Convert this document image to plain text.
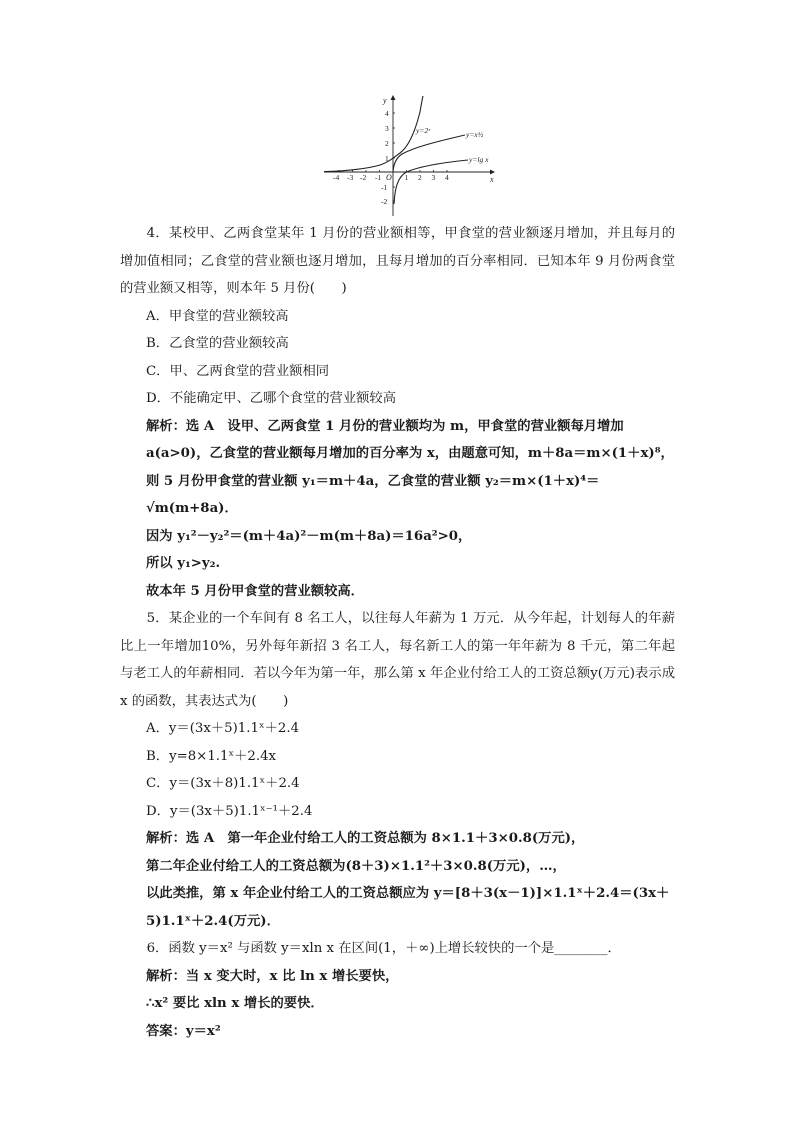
y
x
O
y=2ˣ	y=x½
y=lg x
-4 -3 -2 -1	1 2 3 4
4
3
2
1
-1
-2

4．某校甲、乙两食堂某年 1 月份的营业额相等，甲食堂的营业额逐月增加，并且每月的增加值相同；乙食堂的营业额也逐月增加，且每月增加的百分率相同．已知本年 9 月份两食堂的营业额又相等，则本年 5 月份(　　)

A．甲食堂的营业额较高

B．乙食堂的营业额较高

C．甲、乙两食堂的营业额相同

D．不能确定甲、乙哪个食堂的营业额较高

解析：选 A　设甲、乙两食堂 1 月份的营业额均为 m，甲食堂的营业额每月增加 a(a>0)，乙食堂的营业额每月增加的百分率为 x，由题意可知，m＋8a＝m×(1＋x)⁸，则 5 月份甲食堂的营业额 y₁＝m＋4a，乙食堂的营业额 y₂＝m×(1＋x)⁴＝√m(m+8a)．

因为 y₁²－y₂²＝(m＋4a)²－m(m＋8a)＝16a²>0，

所以 y₁>y₂.

故本年 5 月份甲食堂的营业额较高．

5．某企业的一个车间有 8 名工人，以往每人年薪为 1 万元．从今年起，计划每人的年薪比上一年增加10%，另外每年新招 3 名工人，每名新工人的第一年年薪为 8 千元，第二年起与老工人的年薪相同．若以今年为第一年，那么第 x 年企业付给工人的工资总额y(万元)表示成 x 的函数，其表达式为(　　)

A．y＝(3x＋5)1.1ˣ＋2.4

B．y=8×1.1ˣ＋2.4x

C．y＝(3x＋8)1.1ˣ＋2.4

D．y＝(3x＋5)1.1ˣ⁻¹＋2.4

解析：选 A　第一年企业付给工人的工资总额为 8×1.1＋3×0.8(万元)，

第二年企业付给工人的工资总额为(8＋3)×1.1²＋3×0.8(万元)，…，

以此类推，第 x 年企业付给工人的工资总额应为 y＝[8＋3(x－1)]×1.1ˣ＋2.4＝(3x＋5)1.1ˣ＋2.4(万元)．

6．函数 y＝x² 与函数 y＝xln x 在区间(1，＋∞)上增长较快的一个是________．

解析：当 x 变大时，x 比 ln x 增长要快，

∴x² 要比 xln x 增长的要快．

答案：y＝x²
